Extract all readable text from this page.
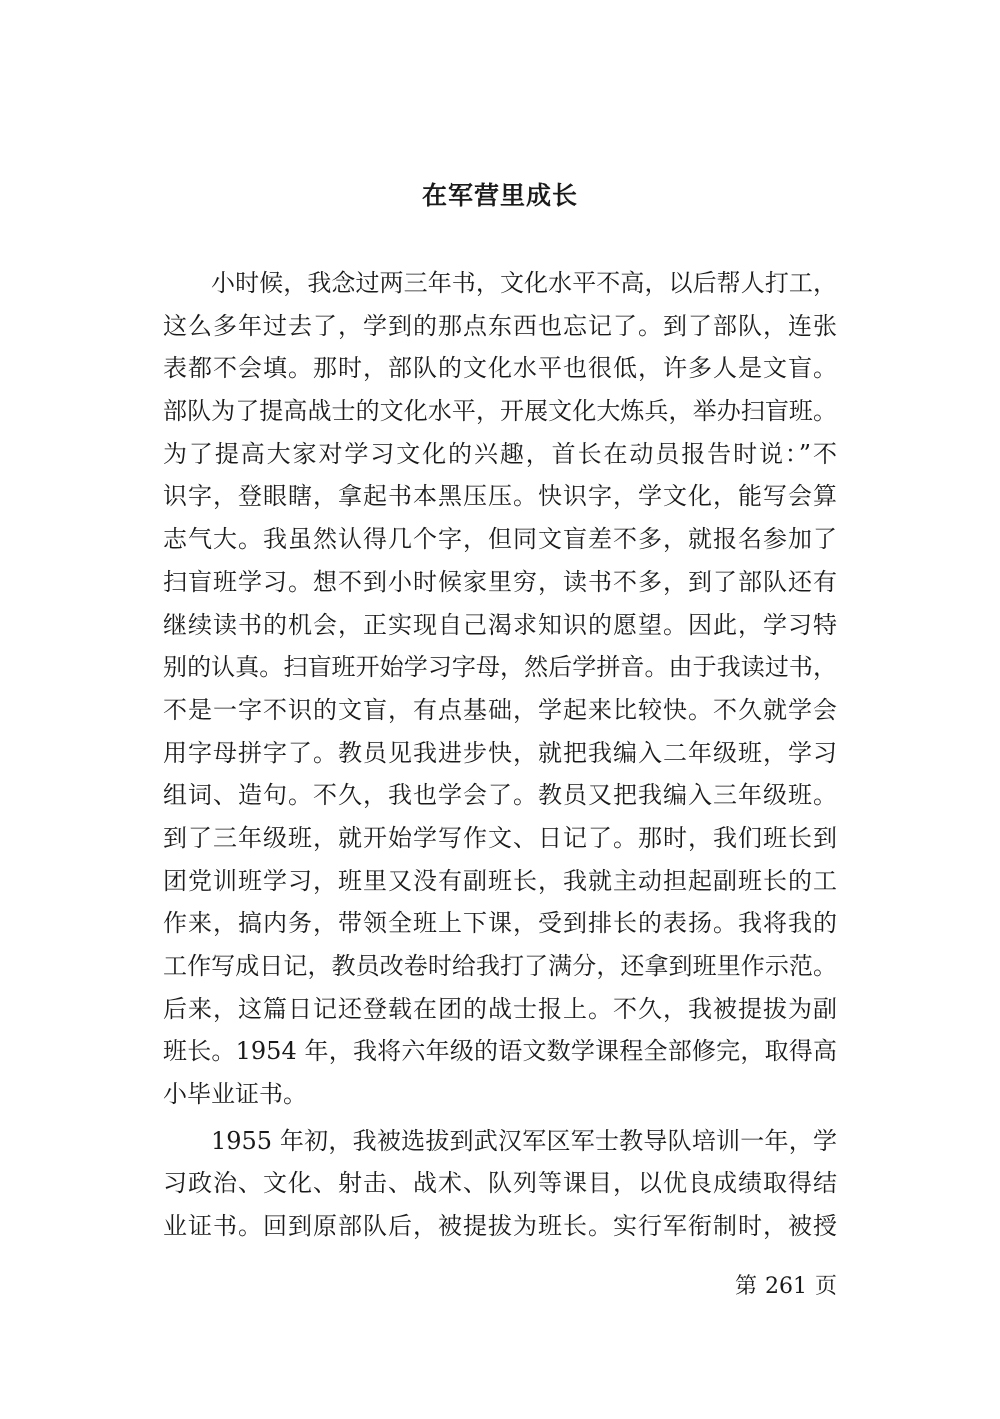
在军营里成长
小时候，我念过两三年书，文化水平不高，以后帮人打工，
这么多年过去了，学到的那点东西也忘记了。到了部队，连张
表都不会填。那时，部队的文化水平也很低，许多人是文盲。
部队为了提高战士的文化水平，开展文化大炼兵，举办扫盲班。
为了提高大家对学习文化的兴趣，首长在动员报告时说：”不
识字，登眼瞎，拿起书本黑压压。快识字，学文化，能写会算
志气大。我虽然认得几个字，但同文盲差不多，就报名参加了
扫盲班学习。想不到小时候家里穷，读书不多，到了部队还有
继续读书的机会，正实现自己渴求知识的愿望。因此，学习特
别的认真。扫盲班开始学习字母，然后学拼音。由于我读过书，
不是一字不识的文盲，有点基础，学起来比较快。不久就学会
用字母拼字了。教员见我进步快，就把我编入二年级班，学习
组词、造句。不久，我也学会了。教员又把我编入三年级班。
到了三年级班，就开始学写作文、日记了。那时，我们班长到
团党训班学习，班里又没有副班长，我就主动担起副班长的工
作来，搞内务，带领全班上下课，受到排长的表扬。我将我的
工作写成日记，教员改卷时给我打了满分，还拿到班里作示范。
后来，这篇日记还登载在团的战士报上。不久，我被提拔为副
班长。1954 年，我将六年级的语文数学课程全部修完，取得高
小毕业证书。
1955 年初，我被选拔到武汉军区军士教导队培训一年，学
习政治、文化、射击、战术、队列等课目，以优良成绩取得结
业证书。回到原部队后，被提拔为班长。实行军衔制时，被授
第 261 页
